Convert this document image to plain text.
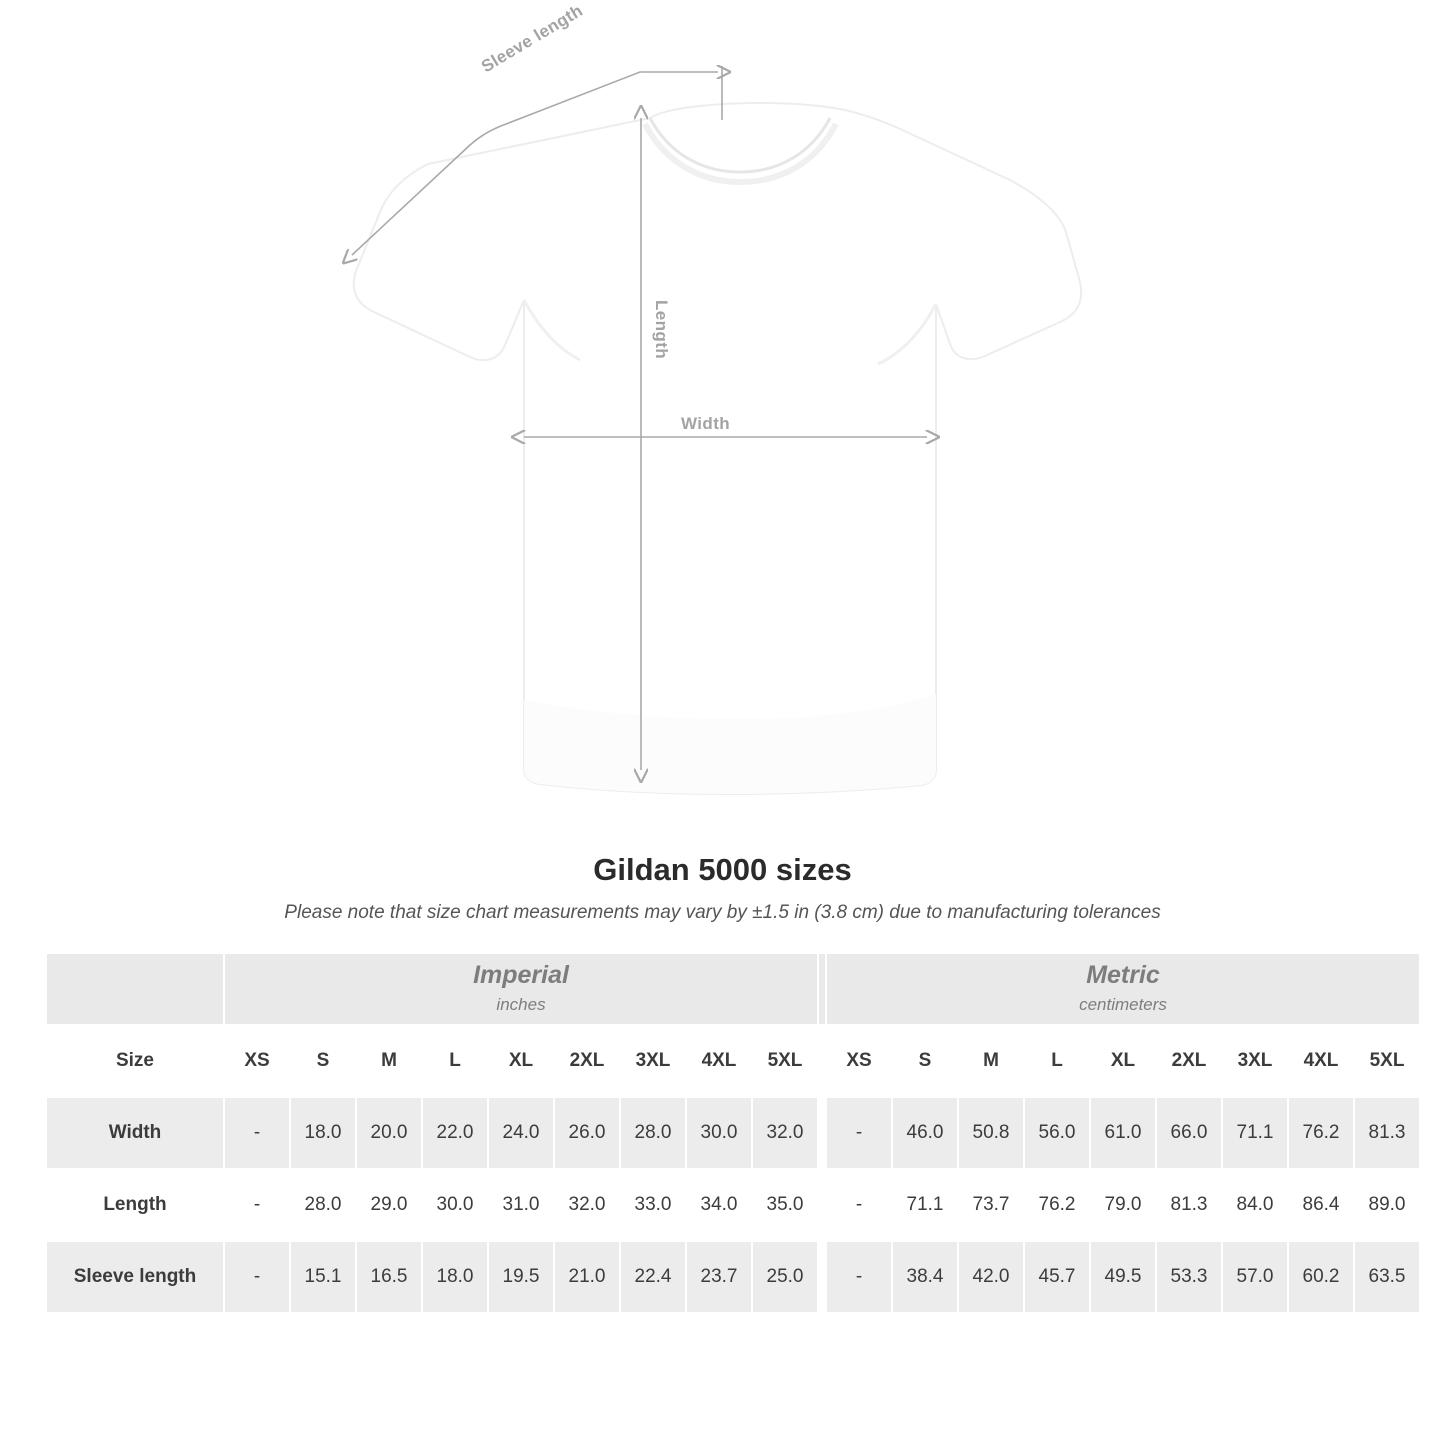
Sleeve length
Length
Width
Gildan 5000 sizes

Please note that size chart measurements may vary by ±1.5 in (3.8 cm) due to manufacturing tolerances

Imperial
inches

Metric
centimeters

Size	XS	S	M	L	XL	2XL	3XL	4XL	5XL		XS	S	M	L	XL	2XL	3XL	4XL	5XL
Width	-	18.0	20.0	22.0	24.0	26.0	28.0	30.0	32.0		-	46.0	50.8	56.0	61.0	66.0	71.1	76.2	81.3
Length	-	28.0	29.0	30.0	31.0	32.0	33.0	34.0	35.0		-	71.1	73.7	76.2	79.0	81.3	84.0	86.4	89.0
Sleeve length	-	15.1	16.5	18.0	19.5	21.0	22.4	23.7	25.0		-	38.4	42.0	45.7	49.5	53.3	57.0	60.2	63.5
